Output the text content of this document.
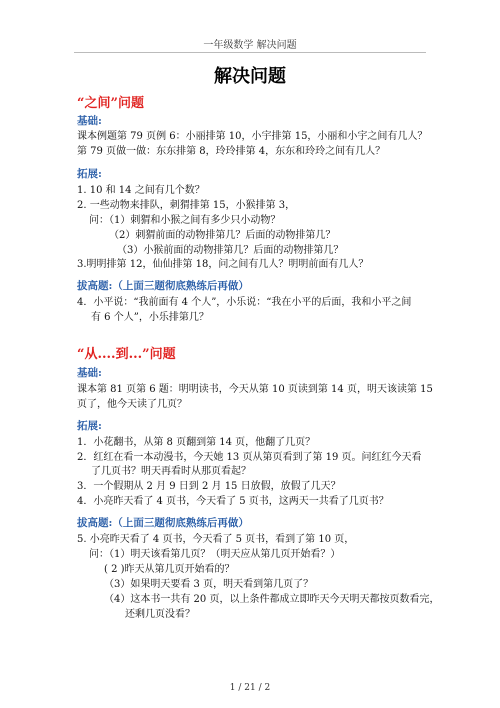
一年级数学 解决问题
解决问题
“之间”问题
基础:
课本例题第 79 页例 6：小丽排第 10，小宇排第 15，小丽和小宇之间有几人？
第 79 页做一做：东东排第 8，玲玲排第 4，东东和玲玲之间有几人？
拓展:
1. 10 和 14 之间有几个数？
2. 一些动物来排队，刺猬排第 15，小猴排第 3，
问：（1）刺猬和小猴之间有多少只小动物？
（2）刺猬前面的动物排第几？后面的动物排第几？
（3）小猴前面的动物排第几？后面的动物排第几？
3.明明排第 12，仙仙排第 18，问之间有几人？明明前面有几人？
拔高题:（上面三题彻底熟练后再做）
4．小平说：“我前面有 4 个人”，小乐说：“我在小平的后面，我和小平之间
有 6 个人”，小乐排第几？
“从....到...”问题
基础:
课本第 81 页第 6 题：明明读书，今天从第 10 页读到第 14 页，明天该读第 15
页了，他今天读了几页？
拓展:
1．小花翻书，从第 8 页翻到第 14 页，他翻了几页？
2．红红在看一本动漫书，今天她 13 页从第页看到了第 19 页。问红红今天看
了几页书？明天再看时从那页看起？
3．一个假期从 2 月 9 日到 2 月 15 日放假，放假了几天？
4．小亮昨天看了 4 页书，今天看了 5 页书，这两天一共看了几页书？
拔高题:（上面三题彻底熟练后再做）
5. 小亮昨天看了 4 页书，今天看了 5 页书，看到了第 10 页，
问：（1）明天该看第几页？（明天应从第几页开始看？）
( 2 )昨天从第几页开始看的？
（3）如果明天要看 3 页，明天看到第几页了？
（4）这本书一共有 20 页，以上条件都成立即昨天今天明天都按页数看完，
还剩几页没看？
1 / 21 / 2
